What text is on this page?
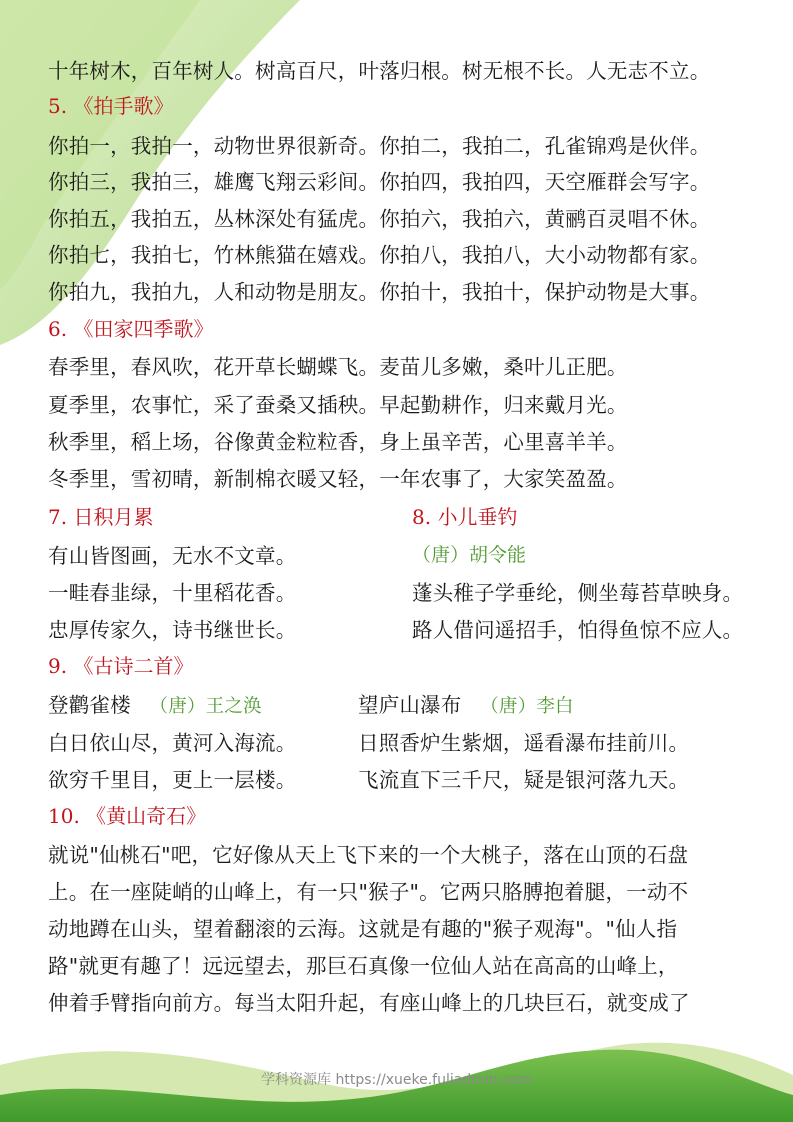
十年树木，百年树人。树高百尺，叶落归根。树无根不长。人无志不立。
5. 《拍手歌》
你拍一，我拍一，动物世界很新奇。你拍二，我拍二，孔雀锦鸡是伙伴。
你拍三，我拍三，雄鹰飞翔云彩间。你拍四，我拍四，天空雁群会写字。
你拍五，我拍五，丛林深处有猛虎。你拍六，我拍六，黄鹂百灵唱不休。
你拍七，我拍七，竹林熊猫在嬉戏。你拍八，我拍八，大小动物都有家。
你拍九，我拍九，人和动物是朋友。你拍十，我拍十，保护动物是大事。
6. 《田家四季歌》
春季里，春风吹，花开草长蝴蝶飞。麦苗儿多嫩，桑叶儿正肥。
夏季里，农事忙，采了蚕桑又插秧。早起勤耕作，归来戴月光。
秋季里，稻上场，谷像黄金粒粒香，身上虽辛苦，心里喜羊羊。
冬季里，雪初晴，新制棉衣暖又轻，一年农事了，大家笑盈盈。
7. 日积月累
有山皆图画，无水不文章。
一畦春韭绿，十里稻花香。
忠厚传家久，诗书继世长。
8. 小儿垂钓
（唐）胡令能
蓬头稚子学垂纶，侧坐莓苔草映身。
路人借问遥招手，怕得鱼惊不应人。
9. 《古诗二首》
登鹳雀楼 （唐）王之涣
白日依山尽，黄河入海流。
欲穷千里目，更上一层楼。
望庐山瀑布 （唐）李白
日照香炉生紫烟，遥看瀑布挂前川。
飞流直下三千尺，疑是银河落九天。
10. 《黄山奇石》
就说"仙桃石"吧，它好像从天上飞下来的一个大桃子，落在山顶的石盘
上。在一座陡峭的山峰上，有一只"猴子"。它两只胳膊抱着腿，一动不
动地蹲在山头，望着翻滚的云海。这就是有趣的"猴子观海"。"仙人指
路"就更有趣了！远远望去，那巨石真像一位仙人站在高高的山峰上，
伸着手臂指向前方。每当太阳升起，有座山峰上的几块巨石，就变成了
学科资源库 https://xueke.fuliadmin.com
